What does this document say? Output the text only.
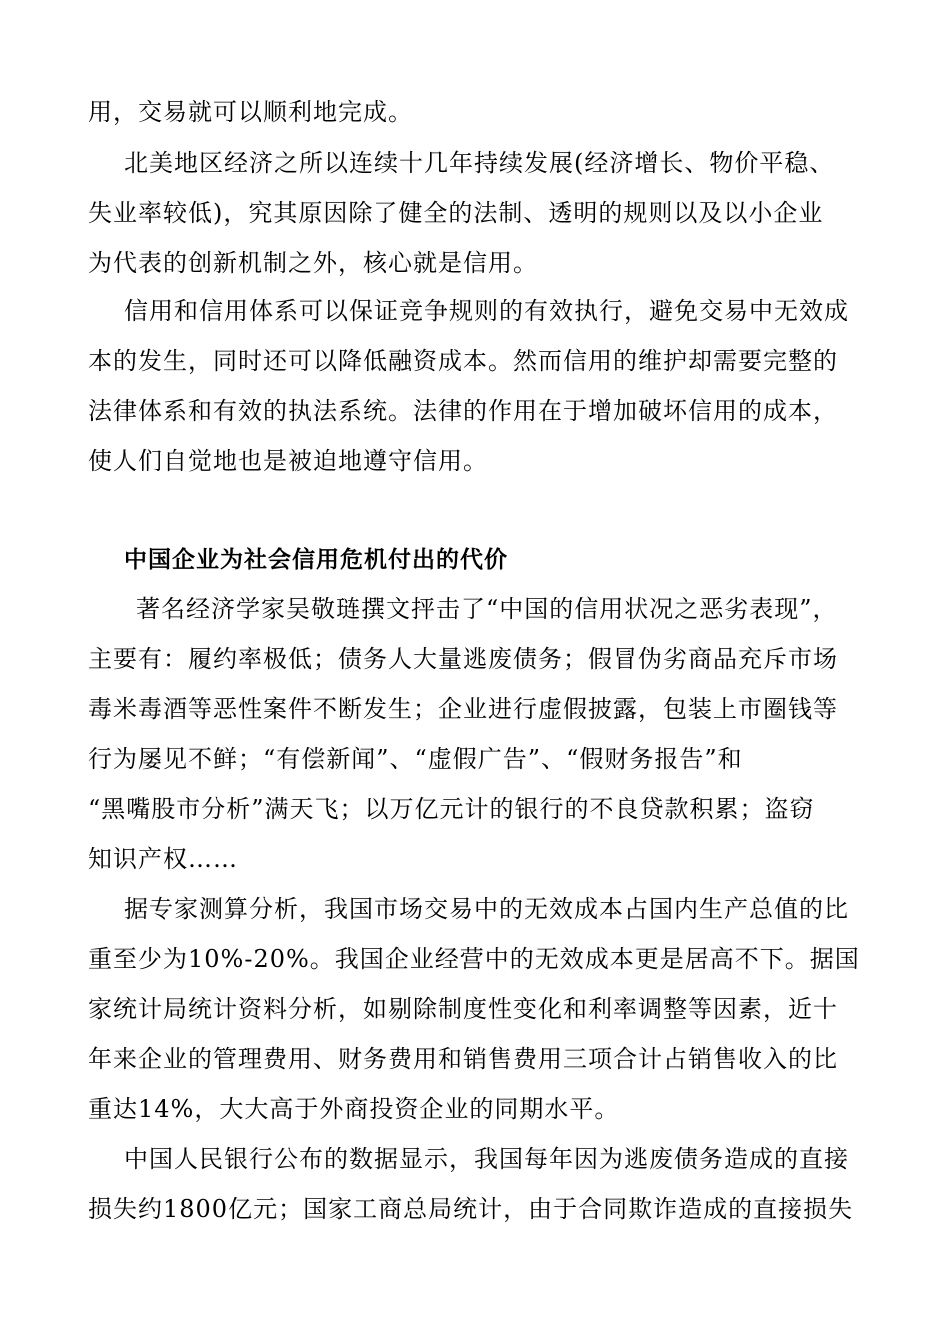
用，交易就可以顺利地完成。
北美地区经济之所以连续十几年持续发展(经济增长、物价平稳、
失业率较低)，究其原因除了健全的法制、透明的规则以及以小企业
为代表的创新机制之外，核心就是信用。
信用和信用体系可以保证竞争规则的有效执行，避免交易中无效成
本的发生，同时还可以降低融资成本。然而信用的维护却需要完整的
法律体系和有效的执法系统。法律的作用在于增加破坏信用的成本，
使人们自觉地也是被迫地遵守信用。
中国企业为社会信用危机付出的代价
著名经济学家吴敬琏撰文抨击了“中国的信用状况之恶劣表现”，
主要有：履约率极低；债务人大量逃废债务；假冒伪劣商品充斥市场
毒米毒酒等恶性案件不断发生；企业进行虚假披露，包装上市圈钱等
行为屡见不鲜；“有偿新闻”、“虚假广告”、“假财务报告”和
“黑嘴股市分析”满天飞；以万亿元计的银行的不良贷款积累；盗窃
知识产权……
据专家测算分析，我国市场交易中的无效成本占国内生产总值的比
重至少为10%-20%。我国企业经营中的无效成本更是居高不下。据国
家统计局统计资料分析，如剔除制度性变化和利率调整等因素，近十
年来企业的管理费用、财务费用和销售费用三项合计占销售收入的比
重达14%，大大高于外商投资企业的同期水平。
中国人民银行公布的数据显示，我国每年因为逃废债务造成的直接
损失约1800亿元；国家工商总局统计，由于合同欺诈造成的直接损失
